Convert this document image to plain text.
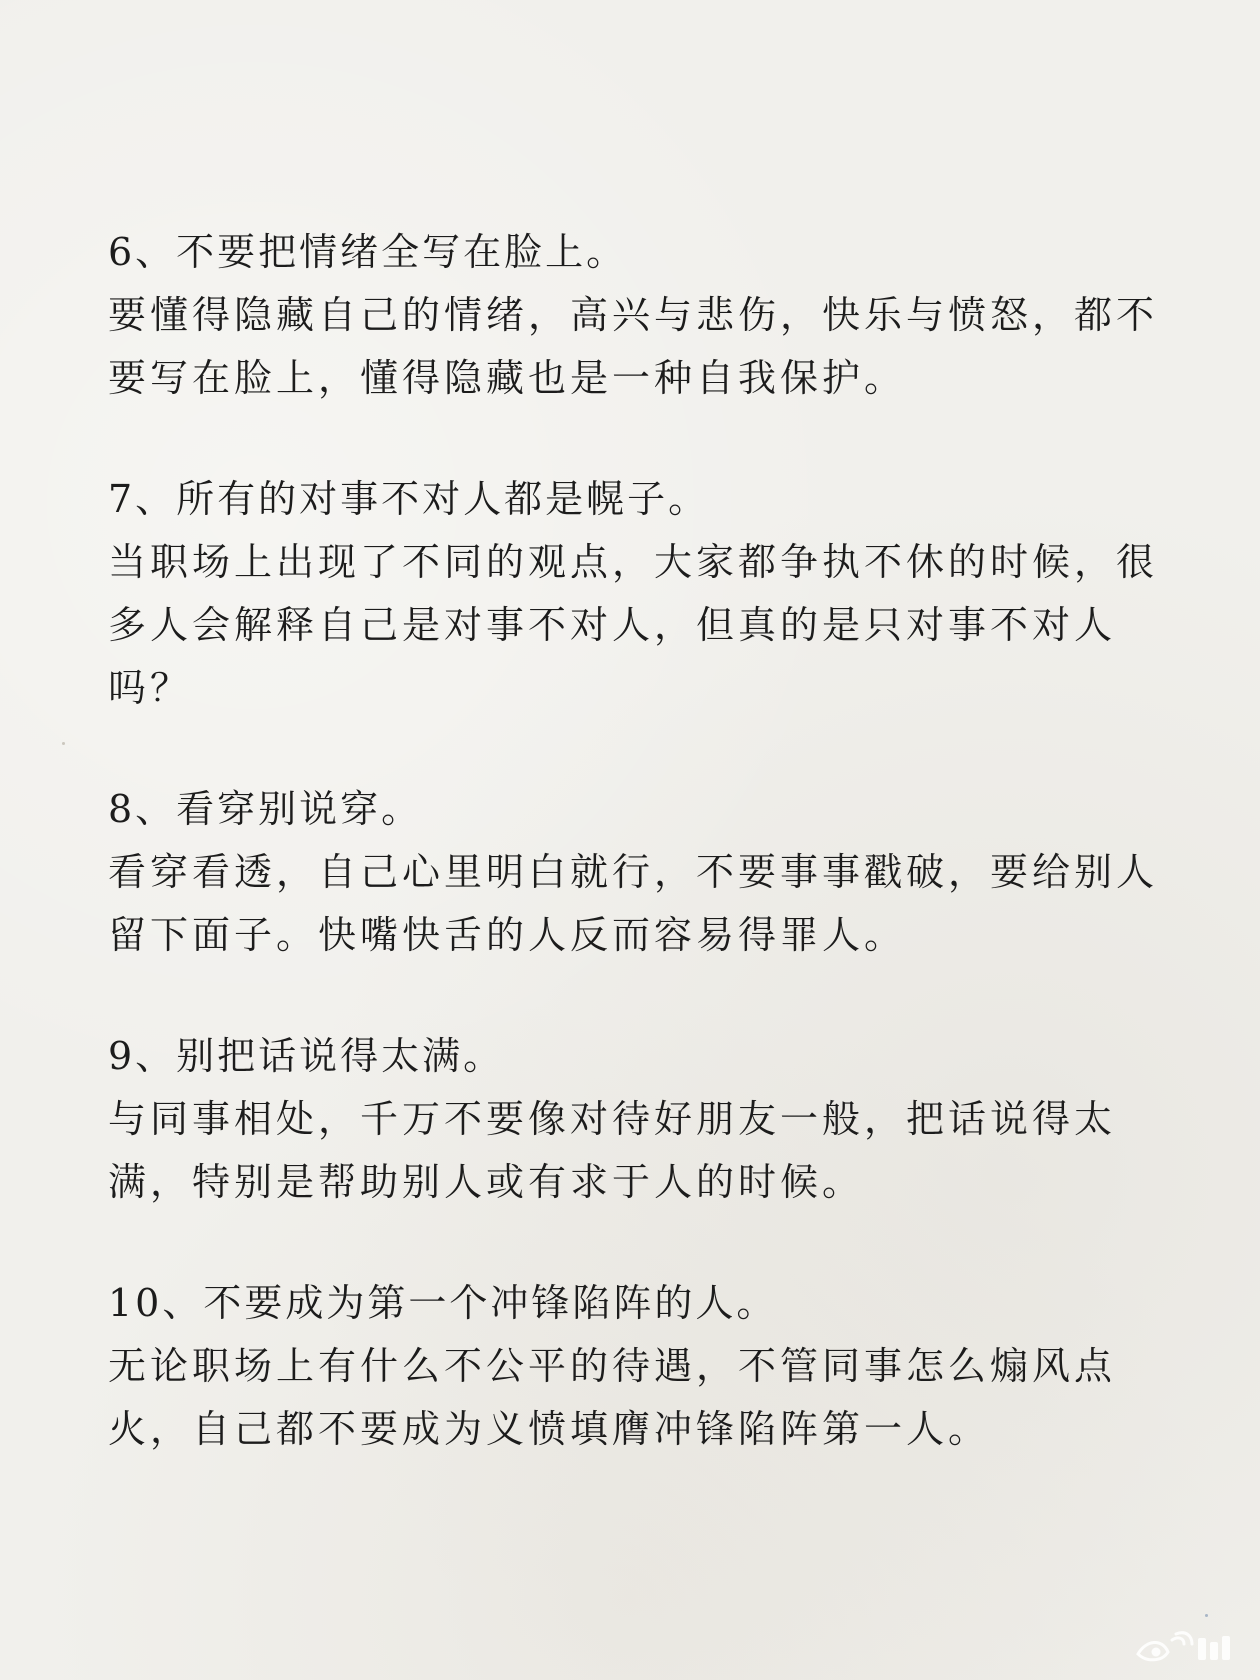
6、不要把情绪全写在脸上。

要懂得隐藏自己的情绪，高兴与悲伤，快乐与愤怒，都不要写在脸上，懂得隐藏也是一种自我保护。

7、所有的对事不对人都是幌子。

当职场上出现了不同的观点，大家都争执不休的时候，很多人会解释自己是对事不对人，但真的是只对事不对人吗？

8、看穿别说穿。

看穿看透，自己心里明白就行，不要事事戳破，要给别人留下面子。快嘴快舌的人反而容易得罪人。

9、别把话说得太满。

与同事相处，千万不要像对待好朋友一般，把话说得太满，特别是帮助别人或有求于人的时候。

10、不要成为第一个冲锋陷阵的人。

无论职场上有什么不公平的待遇，不管同事怎么煽风点火，自己都不要成为义愤填膺冲锋陷阵第一人。
